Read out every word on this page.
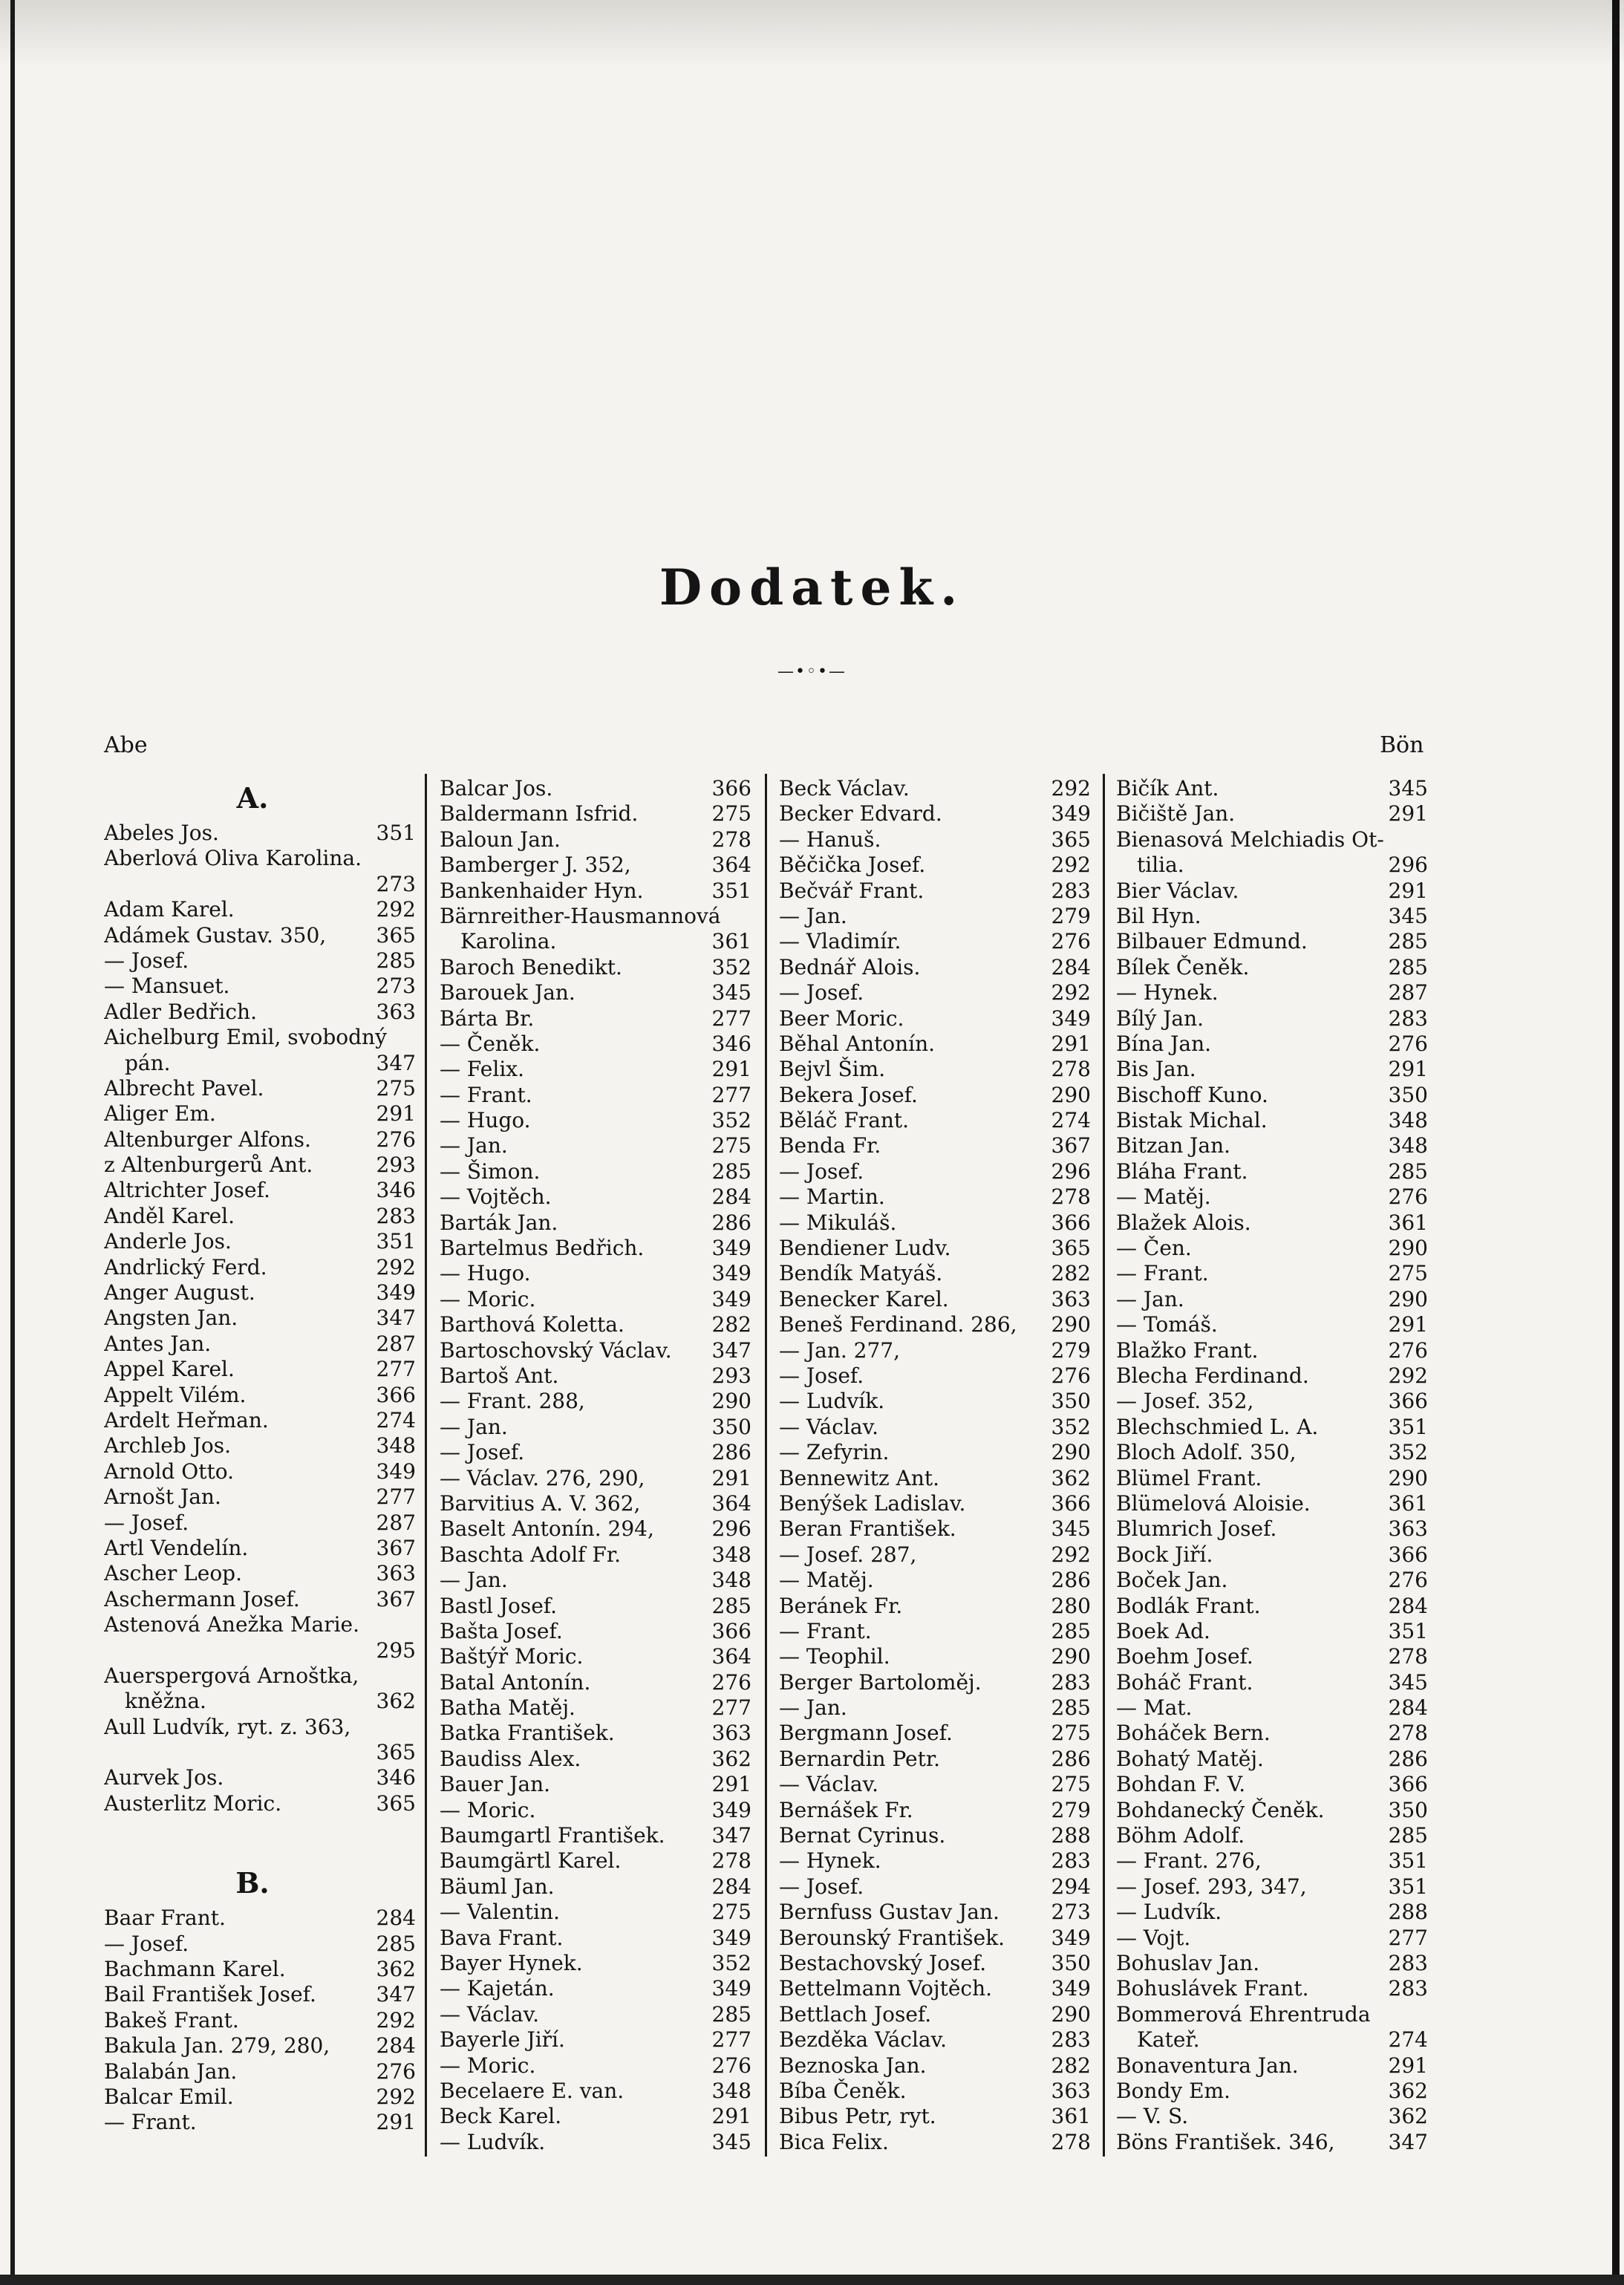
Dodatek.
—•◦•—
Abe	Bön
A.
Abeles Jos.	351
Aberlová Oliva Karolina.
273
Adam Karel.	292
Adámek Gustav. 350, 365
— Josef.	285
— Mansuet.	273
Adler Bedřich.	363
Aichelburg Emil, svobodný
pán.	347
Albrecht Pavel.	275
Aliger Em.	291
Altenburger Alfons.	276
z Altenburgerů Ant.	293
Altrichter Josef.	346
Anděl Karel.	283
Anderle Jos.	351
Andrlický Ferd.	292
Anger August.	349
Angsten Jan.	347
Antes Jan.	287
Appel Karel.	277
Appelt Vilém.	366
Ardelt Heřman.	274
Archleb Jos.	348
Arnold Otto.	349
Arnošt Jan.	277
— Josef.	287
Artl Vendelín.	367
Ascher Leop.	363
Aschermann Josef.	367
Astenová Anežka Marie.
295
Auerspergová Arnoštka,
kněžna.	362
Aull Ludvík, ryt. z. 363,
365
Aurvek Jos.	346
Austerlitz Moric.	365
B.
Baar Frant.	284
— Josef.	285
Bachmann Karel.	362
Bail František Josef.	347
Bakeš Frant.	292
Bakula Jan. 279, 280, 284
Balabán Jan.	276
Balcar Emil.	292
— Frant.	291
Balcar Jos.	366
Baldermann Isfrid.	275
Baloun Jan.	278
Bamberger J. 352,	364
Bankenhaider Hyn.	351
Bärnreither-Hausmannová
Karolina.	361
Baroch Benedikt.	352
Barouek Jan.	345
Bárta Br.	277
— Čeněk.	346
— Felix.	291
— Frant.	277
— Hugo.	352
— Jan.	275
— Šimon.	285
— Vojtěch.	284
Barták Jan.	286
Bartelmus Bedřich.	349
— Hugo.	349
— Moric.	349
Barthová Koletta.	282
Bartoschovský Václav. 347
Bartoš Ant.	293
— Frant. 288,	290
— Jan.	350
— Josef.	286
— Václav. 276, 290,	291
Barvitius A. V. 362,	364
Baselt Antonín. 294,	296
Baschta Adolf Fr.	348
— Jan.	348
Bastl Josef.	285
Bašta Josef.	366
Baštýř Moric.	364
Batal Antonín.	276
Batha Matěj.	277
Batka František.	363
Baudiss Alex.	362
Bauer Jan.	291
— Moric.	349
Baumgartl František. 347
Baumgärtl Karel.	278
Bäuml Jan.	284
— Valentin.	275
Bava Frant.	349
Bayer Hynek.	352
— Kajetán.	349
— Václav.	285
Bayerle Jiří.	277
— Moric.	276
Becelaere E. van.	348
Beck Karel.	291
— Ludvík.	345
Beck Václav.	292
Becker Edvard.	349
— Hanuš.	365
Běčička Josef.	292
Bečvář Frant.	283
— Jan.	279
— Vladimír.	276
Bednář Alois.	284
— Josef.	292
Beer Moric.	349
Běhal Antonín.	291
Bejvl Šim.	278
Bekera Josef.	290
Běláč Frant.	274
Benda Fr.	367
— Josef.	296
— Martin.	278
— Mikuláš.	366
Bendiener Ludv.	365
Bendík Matyáš.	282
Benecker Karel.	363
Beneš Ferdinand. 286, 290
— Jan. 277,	279
— Josef.	276
— Ludvík.	350
— Václav.	352
— Zefyrin.	290
Bennewitz Ant.	362
Benýšek Ladislav.	366
Beran František.	345
— Josef. 287,	292
— Matěj.	286
Beránek Fr.	280
— Frant.	285
— Teophil.	290
Berger Bartoloměj.	283
— Jan.	285
Bergmann Josef.	275
Bernardin Petr.	286
— Václav.	275
Bernášek Fr.	279
Bernat Cyrinus.	288
— Hynek.	283
— Josef.	294
Bernfuss Gustav Jan. 273
Berounský František. 349
Bestachovský Josef.	350
Bettelmann Vojtěch.	349
Bettlach Josef.	290
Bezděka Václav.	283
Beznoska Jan.	282
Bíba Čeněk.	363
Bibus Petr, ryt.	361
Bica Felix.	278
Bičík Ant.	345
Bičiště Jan.	291
Bienasová Melchiadis Ot-
tilia.	296
Bier Václav.	291
Bil Hyn.	345
Bilbauer Edmund.	285
Bílek Čeněk.	285
— Hynek.	287
Bílý Jan.	283
Bína Jan.	276
Bis Jan.	291
Bischoff Kuno.	350
Bistak Michal.	348
Bitzan Jan.	348
Bláha Frant.	285
— Matěj.	276
Blažek Alois.	361
— Čen.	290
— Frant.	275
— Jan.	290
— Tomáš.	291
Blažko Frant.	276
Blecha Ferdinand.	292
— Josef. 352,	366
Blechschmied L. A.	351
Bloch Adolf. 350,	352
Blümel Frant.	290
Blümelová Aloisie.	361
Blumrich Josef.	363
Bock Jiří.	366
Boček Jan.	276
Bodlák Frant.	284
Boek Ad.	351
Boehm Josef.	278
Boháč Frant.	345
— Mat.	284
Boháček Bern.	278
Bohatý Matěj.	286
Bohdan F. V.	366
Bohdanecký Čeněk.	350
Böhm Adolf.	285
— Frant. 276,	351
— Josef. 293, 347,	351
— Ludvík.	288
— Vojt.	277
Bohuslav Jan.	283
Bohuslávek Frant.	283
Bommerová Ehrentruda
Kateř.	274
Bonaventura Jan.	291
Bondy Em.	362
— V. S.	362
Böns František. 346,	347
